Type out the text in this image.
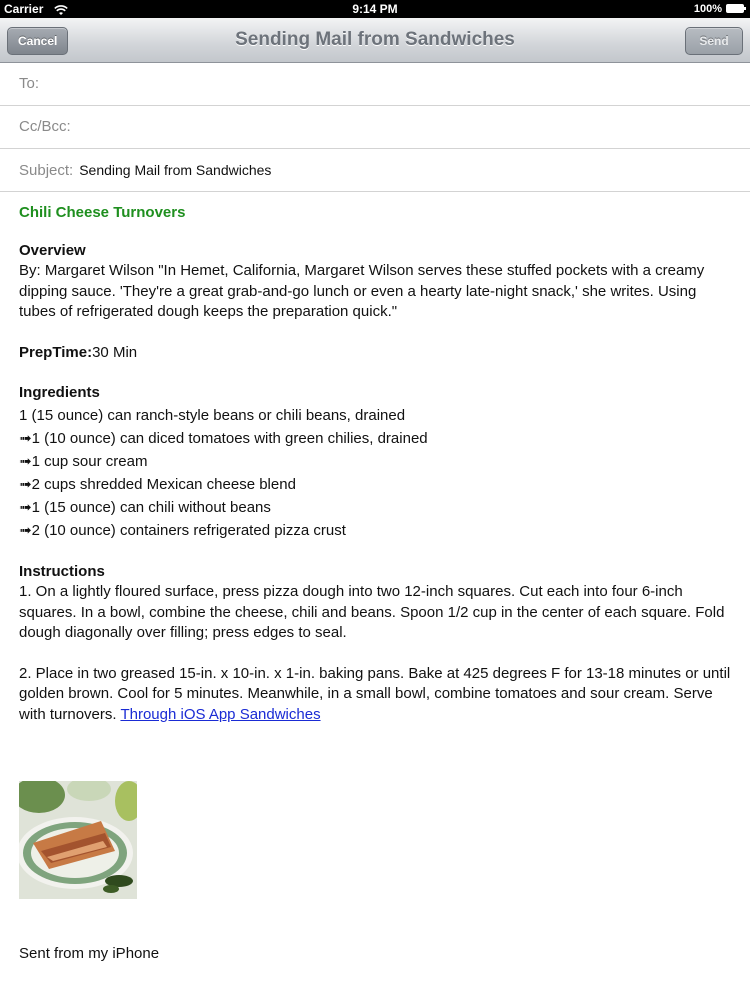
Carrier	9:14 PM	100%
Cancel	Sending Mail from Sandwiches	Send
To:
Cc/Bcc:
Subject: Sending Mail from Sandwiches
Chili Cheese Turnovers
Overview
By: Margaret Wilson "In Hemet, California, Margaret Wilson serves these stuffed pockets with a creamy dipping sauce. 'They're a great grab-and-go lunch or even a hearty late-night snack,' she writes. Using tubes of refrigerated dough keeps the preparation quick."
PrepTime:30 Min
Ingredients
1 (15 ounce) can ranch-style beans or chili beans, drained
➟1 (10 ounce) can diced tomatoes with green chilies, drained
➟1 cup sour cream
➟2 cups shredded Mexican cheese blend
➟1 (15 ounce) can chili without beans
➟2 (10 ounce) containers refrigerated pizza crust
Instructions
1. On a lightly floured surface, press pizza dough into two 12-inch squares. Cut each into four 6-inch squares. In a bowl, combine the cheese, chili and beans. Spoon 1/2 cup in the center of each square. Fold dough diagonally over filling; press edges to seal.
2. Place in two greased 15-in. x 10-in. x 1-in. baking pans. Bake at 425 degrees F for 13-18 minutes or until golden brown. Cool for 5 minutes. Meanwhile, in a small bowl, combine tomatoes and sour cream. Serve with turnovers. Through iOS App Sandwiches
Sent from my iPhone
